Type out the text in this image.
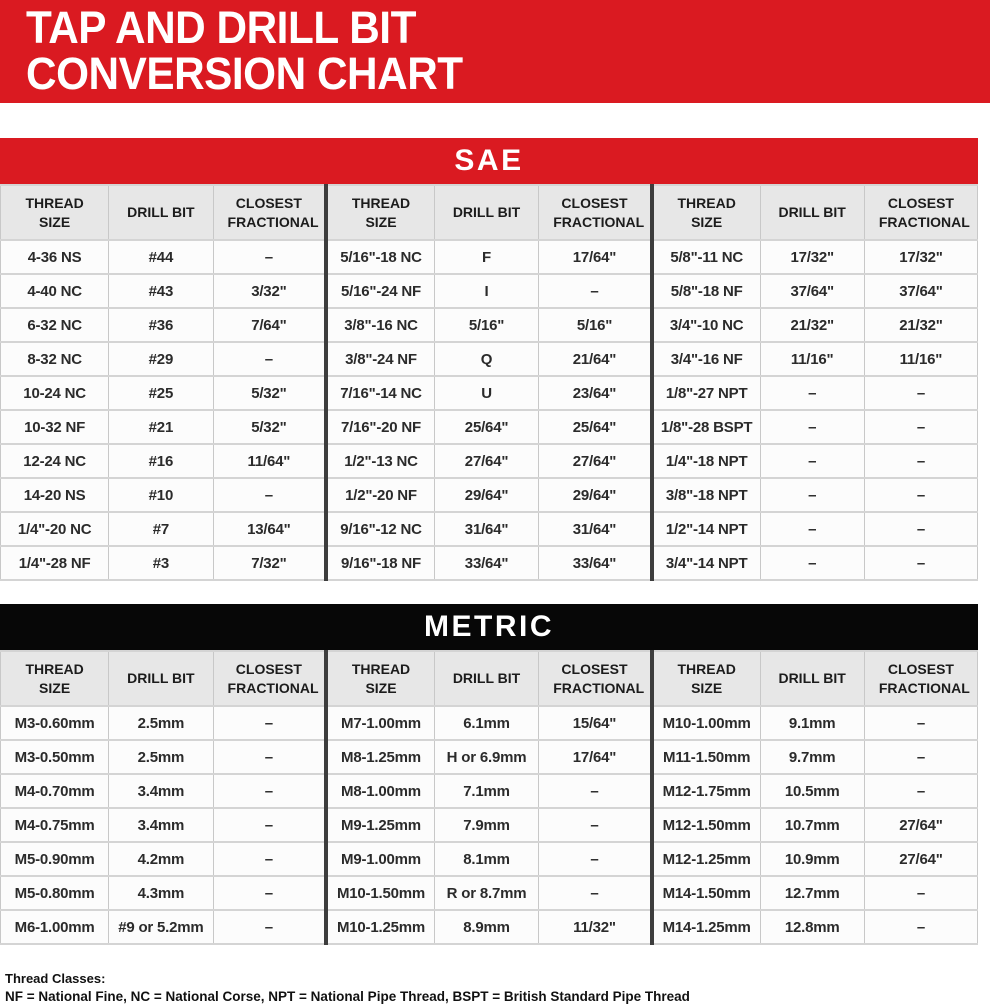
TAP AND DRILL BIT
CONVERSION CHART
SAE
THREAD SIZE	DRILL BIT	CLOSEST FRACTIONAL	THREAD SIZE	DRILL BIT	CLOSEST FRACTIONAL	THREAD SIZE	DRILL BIT	CLOSEST FRACTIONAL
4-36 NS	#44	–	5/16"-18 NC	F	17/64"	5/8"-11 NC	17/32"	17/32"
4-40 NC	#43	3/32"	5/16"-24 NF	I	–	5/8"-18 NF	37/64"	37/64"
6-32 NC	#36	7/64"	3/8"-16 NC	5/16"	5/16"	3/4"-10 NC	21/32"	21/32"
8-32 NC	#29	–	3/8"-24 NF	Q	21/64"	3/4"-16 NF	11/16"	11/16"
10-24 NC	#25	5/32"	7/16"-14 NC	U	23/64"	1/8"-27 NPT	–	–
10-32 NF	#21	5/32"	7/16"-20 NF	25/64"	25/64"	1/8"-28 BSPT	–	–
12-24 NC	#16	11/64"	1/2"-13 NC	27/64"	27/64"	1/4"-18 NPT	–	–
14-20 NS	#10	–	1/2"-20 NF	29/64"	29/64"	3/8"-18 NPT	–	–
1/4"-20 NC	#7	13/64"	9/16"-12 NC	31/64"	31/64"	1/2"-14 NPT	–	–
1/4"-28 NF	#3	7/32"	9/16"-18 NF	33/64"	33/64"	3/4"-14 NPT	–	–
METRIC
THREAD SIZE	DRILL BIT	CLOSEST FRACTIONAL	THREAD SIZE	DRILL BIT	CLOSEST FRACTIONAL	THREAD SIZE	DRILL BIT	CLOSEST FRACTIONAL
M3-0.60mm	2.5mm	–	M7-1.00mm	6.1mm	15/64"	M10-1.00mm	9.1mm	–
M3-0.50mm	2.5mm	–	M8-1.25mm	H or 6.9mm	17/64"	M11-1.50mm	9.7mm	–
M4-0.70mm	3.4mm	–	M8-1.00mm	7.1mm	–	M12-1.75mm	10.5mm	–
M4-0.75mm	3.4mm	–	M9-1.25mm	7.9mm	–	M12-1.50mm	10.7mm	27/64"
M5-0.90mm	4.2mm	–	M9-1.00mm	8.1mm	–	M12-1.25mm	10.9mm	27/64"
M5-0.80mm	4.3mm	–	M10-1.50mm	R or 8.7mm	–	M14-1.50mm	12.7mm	–
M6-1.00mm	#9 or 5.2mm	–	M10-1.25mm	8.9mm	11/32"	M14-1.25mm	12.8mm	–
Thread Classes:
NF = National Fine, NC = National Corse, NPT = National Pipe Thread, BSPT = British Standard Pipe Thread
